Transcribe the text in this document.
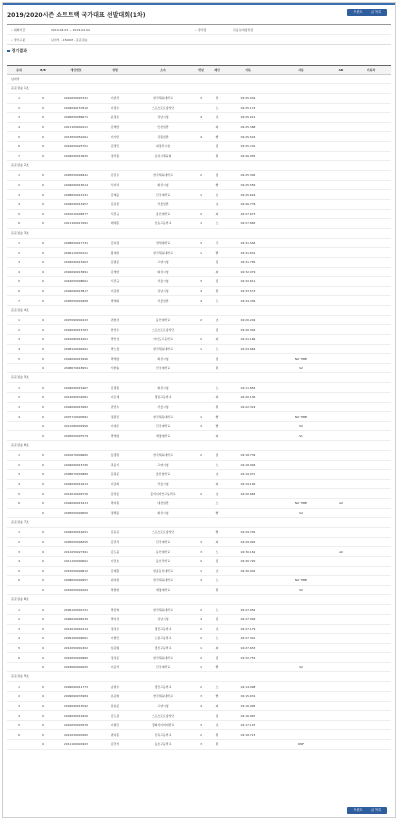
2019/2020시즌 쇼트트랙 국가대표 선발대회(1차)	프린트	글 목록
• 대회기간	2019.04.03 ~ 2019.04.04
•	경기장	목동실내빙상장
• 경기구분	남자부 - 1500M - 준준결승
경기결과
순위	B/B	개인번호	성명	소속	학년	레인	기록	사유	AD	기록차
남자부
준준결승 1조
1	0	2010050097431	이빈서	한국체육대학교	3	상	02:25.034
2	0	2004090157810	이정수	스포츠토토빙상단	노	02:25.174
3	0	2006050086671	윤정호	성남시청	4	초	02:25.212
4	0	2011109002221	김태연	인천일반	파	02:25.368
5	0	2013050052261	이가빈	강원일반	4	빨	02:25.524
6	0	2016050025751	김정민	의정부시청	검	02:25.742
7	0	2004090019925	정서원	유성시체육회	흰	02:26.055
준준결승 2조
1	0	2005050008441	김진우	한국체육대학교	2	검	02:25.392
2	0	2004090015614	서이라	화성시청	빨	02:25.559
3	0	2008050015131	김태웅	단국대학교	1	보	02:25.624
4	0	2004090015457	김준천	서울일반	초	02:26.778
5	0	2010010008477	서민규	용인대학교	2	파	02:27.673
6	0	2011100017691	배재훈	신송고등학교	1	노	02:27.865
준준결승 3조
1	0	2008050017731	김다겸	연세대학교	3	주	02:31.546
2	0	2006110030121	황대헌	한국체육대학교	1	빨	02:31.631
3	0	2004090015403	김범준	고양시청	검	02:31.765
4	0	2004090015891	김태연	화성시청	파	02:32.079
5	0	2016050008061	서민규	서울시청	3	검	02:32.611
6	0	2004090015817	이준현	성남시청	4	흰	02:33.573
7	0	2005050001808	박세의	서울일반	4	노	02:34.336
준준결승 4조
1	0	2007090002223	권현성	동인대학교	2	초	02:20.202
2	0	2004090015703	한선수	스포츠토토빙상단	검	02:20.344
3	0	2016080014201	박인성	아이도고등학교	2	파	02:21.166
4	0	2008120009291	박노정	한국체육대학교	1	노	02:23.064
5	0	2004090015990	박세영	화성시청	검	NO TIME
0	2008070018951	서한솔	단국대학교	흰	S2
준준결승 5조
1	0	2004090015467	김경원	화성시청	노	02:11.852
2	0	2014090032081	이은재	경일고등학교	파	02:20.136
3	0	2004090015982	권민수	서울시청	흰	02:22.319
4	0	2007710090581	정원진	한국체육대학교	1	빨	NO TIME
0	2011080002956	이재우	단국대학교	3	빨	S2
0	2005050007579	박세영	계명대학교	파	S1
준준결승 6조
1	0	2010070006665	홍경환	한국체육대학교	2	검	02:18.739
2	0	2004090015745	곽윤기	고양시청	노	02:18.994
3	0	2008070003889	문원준	울산청학교	초	02:19.071
4	0	2004090019413	이준희	서울시청	파	02:19.126
5	0	2014010001576	김상준	홍익디자인고등학교	2	초	02:20.665
6	0	2004090015413	박지원	대전일반	노	NO TIME	A0
0	2005050000650	정해용	화성시청	빨	S2
준준결승 7조
1	0	2004090016251	김동욱	스포츠토토빙상단	빨	02:29.745
2	0	2005050008255	김민석	단국대학교	3	파	02:29.920
3	0	2011050027361	김도윤	동인대학교	3	노	02:30.162	A0
4	0	2011150000061	이민호	동흐리학교	2	검	02:30.720
5	0	2015050000812	김태원	한송동신대학교	1	초	02:30.934
6	0	2008050000957	최지현	한국체육대학교	3	노	NO TIME
0	2016050001064	박종현	계명대학교	흰	S2
준준결승 8조
1	0	2006120002721	박진혁	한국체육대학교	2	노	02:27.052
2	0	2006020008139	박지성	성남시청	4	검	02:27.094
3	0	2014010001214	정성우	경신고등학교	2	초	02:27.179
4	0	2009100009061	이현민	노원고등학교	2	노	02:27.341
5	0	2012050001302	심준형	경신고등학교	1	파	02:27.653
6	0	2016050002860	정성준	한국체육대학교	2	검	02:32.753
0	2018060002005	이준서	단국대학교	1	빨	S2
준준결승 9조
1	0	2009090011773	송현수	경신고등학교	2	노	02:14.098
2	0	2009090033984	유준혁	한국체육대학교	3	빨	02:15.631
3	0	2004090015592	임효준	고양시청	4	파	02:16.095
4	0	2004090019420	김도겸	스포츠토토빙상단	검	02:16.967
5	0	2010050003976	이현민	경희사이버대학교	3	초	02:17.107
6	0	2012030003265	변지훈	신목고등학교	2	흰	02:18.713
0	2011100001903	김민석	동호고등학교	3	흰	DNF
프린트	글 목록
